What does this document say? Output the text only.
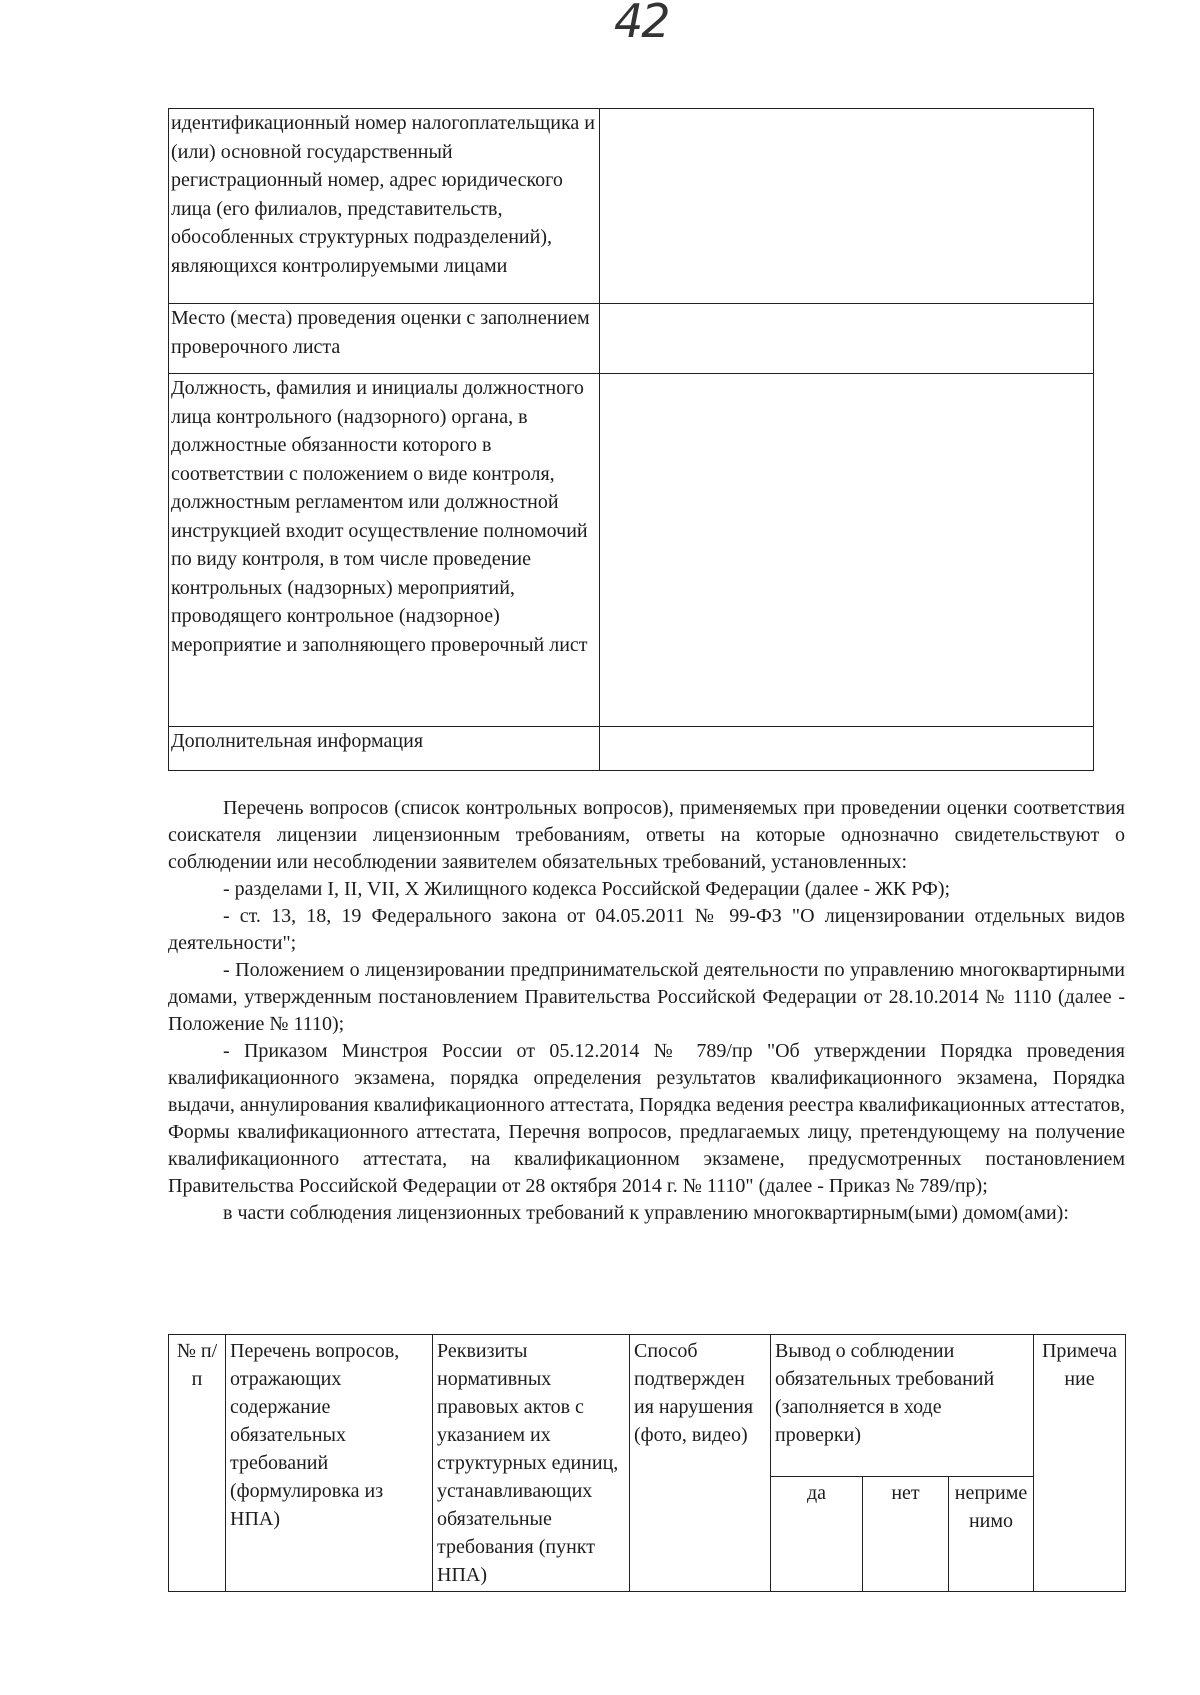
42
идентификационный номер налогоплательщика и (или) основной государственный регистрационный номер, адрес юридического лица (его филиалов, представительств, обособленных структурных подразделений), являющихся контролируемыми лицами	
Место (места) проведения оценки с заполнением проверочного листа	
Должность, фамилия и инициалы должностного лица контрольного (надзорного) органа, в должностные обязанности которого в соответствии с положением о виде контроля, должностным регламентом или должностной инструкцией входит осуществление полномочий по виду контроля, в том числе проведение контрольных (надзорных) мероприятий, проводящего контрольное (надзорное) мероприятие и заполняющего проверочный лист	
Дополнительная информация	

Перечень вопросов (список контрольных вопросов), применяемых при проведении оценки соответствия соискателя лицензии лицензионным требованиям, ответы на которые однозначно свидетельствуют о соблюдении или несоблюдении заявителем обязательных требований, установленных:

- разделами I, II, VII, X Жилищного кодекса Российской Федерации (далее - ЖК РФ);

- ст. 13, 18, 19 Федерального закона от 04.05.2011 № 99-ФЗ "О лицензировании отдельных видов деятельности";

- Положением о лицензировании предпринимательской деятельности по управлению многоквартирными домами, утвержденным постановлением Правительства Российской Федерации от 28.10.2014 № 1110 (далее - Положение № 1110);

- Приказом Минстроя России от 05.12.2014 № 789/пр "Об утверждении Порядка проведения квалификационного экзамена, порядка определения результатов квалификационного экзамена, Порядка выдачи, аннулирования квалификационного аттестата, Порядка ведения реестра квалификационных аттестатов, Формы квалификационного аттестата, Перечня вопросов, предлагаемых лицу, претендующему на получение квалификационного аттестата, на квалификационном экзамене, предусмотренных постановлением Правительства Российской Федерации от 28 октября 2014 г. № 1110" (далее - Приказ № 789/пр);

в части соблюдения лицензионных требований к управлению многоквартирным(ыми) домом(ами):

№ п/п	Перечень вопросов, отражающих содержание обязательных требований (формулировка из НПА)	Реквизиты нормативных правовых актов с указанием их структурных единиц, устанавливающих обязательные требования (пункт НПА)	Способ подтвержден ия нарушения (фото, видео)	Вывод о соблюдении обязательных требований (заполняется в ходе проверки)			Примеча ние
				да	нет	неприме нимо	
